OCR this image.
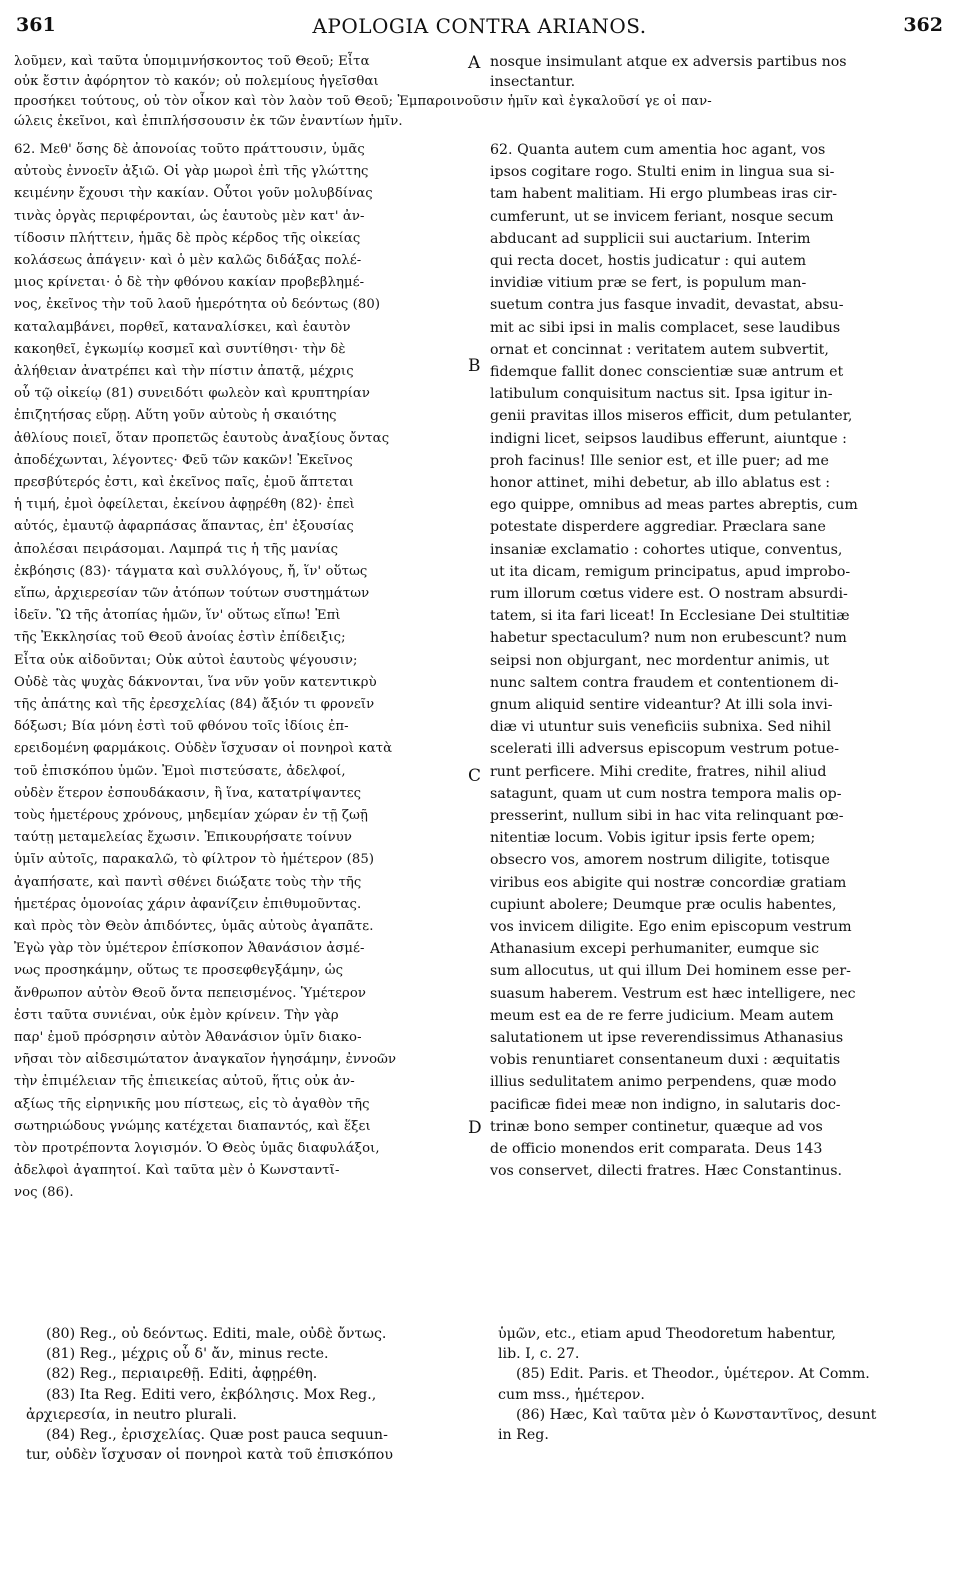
361	APOLOGIA CONTRA ARIANOS.	362
λοῦμεν, καὶ ταῦτα ὑπομιμνήσκοντος τοῦ Θεοῦ; Εἶτα
οὐκ ἔστιν ἀφόρητον τὸ κακόν; οὐ πολεμίους ἡγεῖσθαι
προσήκει τούτους, οὐ τὸν οἶκον καὶ τὸν λαὸν τοῦ Θεοῦ; Ἐμπαροινοῦσιν ἡμῖν καὶ ἐγκαλοῦσί γε οἱ παν-
ώλεις ἐκεῖνοι, καὶ ἐπιπλήσσουσιν ἐκ τῶν ἐναντίων ἡμῖν.
A nosque insimulant atque ex adversis partibus nos
insectantur.
62. Μεθ' ὅσης δὲ ἀπονοίας τοῦτο πράττουσιν, ὑμᾶς
αὐτοὺς ἐννοεῖν ἀξιῶ. Οἱ γὰρ μωροὶ ἐπὶ τῆς γλώττης
κειμένην ἔχουσι τὴν κακίαν. Οὗτοι γοῦν μολυβδίνας
τινὰς ὀργὰς περιφέρονται, ὡς ἑαυτοὺς μὲν κατ' ἀν-
τίδοσιν πλήττειν, ἡμᾶς δὲ πρὸς κέρδος τῆς οἰκείας
κολάσεως ἀπάγειν· καὶ ὁ μὲν καλῶς διδάξας πολέ-
μιος κρίνεται· ὁ δὲ τὴν φθόνου κακίαν προβεβλημέ-
νος, ἐκεῖνος τὴν τοῦ λαοῦ ἡμερότητα οὐ δεόντως (80)
καταλαμβάνει, πορθεῖ, καταναλίσκει, καὶ ἑαυτὸν
κακοηθεῖ, ἐγκωμίῳ κοσμεῖ καὶ συντίθησι· τὴν δὲ
ἀλήθειαν ἀνατρέπει καὶ τὴν πίστιν ἀπατᾷ, μέχρις
οὗ τῷ οἰκείῳ (81) συνειδότι φωλεὸν καὶ κρυπτηρίαν
ἐπιζητήσας εὕρῃ. Αὕτη γοῦν αὐτοὺς ἡ σκαιότης
ἀθλίους ποιεῖ, ὅταν προπετῶς ἑαυτοὺς ἀναξίους ὄντας
ἀποδέχωνται, λέγοντες· Φεῦ τῶν κακῶν! Ἐκεῖνος
πρεσβύτερός ἐστι, καὶ ἐκεῖνος παῖς, ἐμοῦ ἅπτεται
ἡ τιμή, ἐμοὶ ὀφείλεται, ἐκείνου ἀφῃρέθη (82)· ἐπεὶ
αὐτός, ἐμαυτῷ ἀφαρπάσας ἅπαντας, ἐπ' ἐξουσίας
ἀπολέσαι πειράσομαι. Λαμπρά τις ἡ τῆς μανίας
ἐκβόησις (83)· τάγματα καὶ συλλόγους, ἤ, ἵν' οὕτως
εἴπω, ἀρχιερεσίαν τῶν ἀτόπων τούτων συστημάτων
ἰδεῖν. Ὢ τῆς ἀτοπίας ἡμῶν, ἵν' οὕτως εἴπω! Ἐπὶ
τῆς Ἐκκλησίας τοῦ Θεοῦ ἀνοίας ἐστὶν ἐπίδειξις;
Εἶτα οὐκ αἰδοῦνται; Οὐκ αὐτοὶ ἑαυτοὺς ψέγουσιν;
Οὐδὲ τὰς ψυχὰς δάκνονται, ἵνα νῦν γοῦν κατεντικρὺ
τῆς ἀπάτης καὶ τῆς ἐρεσχελίας (84) ἄξιόν τι φρονεῖν
δόξωσι; Βία μόνη ἐστὶ τοῦ φθόνου τοῖς ἰδίοις ἐπ-
ερειδομένη φαρμάκοις. Οὐδὲν ἴσχυσαν οἱ πονηροὶ κατὰ
τοῦ ἐπισκόπου ὑμῶν. Ἐμοὶ πιστεύσατε, ἀδελφοί,
οὐδὲν ἕτερον ἐσπουδάκασιν, ἢ ἵνα, κατατρίψαντες
τοὺς ἡμετέρους χρόνους, μηδεμίαν χώραν ἐν τῇ ζωῇ
ταύτῃ μεταμελείας ἔχωσιν. Ἐπικουρήσατε τοίνυν
ὑμῖν αὐτοῖς, παρακαλῶ, τὸ φίλτρον τὸ ἡμέτερον (85)
ἀγαπήσατε, καὶ παντὶ σθένει διώξατε τοὺς τὴν τῆς
ἡμετέρας ὁμονοίας χάριν ἀφανίζειν ἐπιθυμοῦντας.
καὶ πρὸς τὸν Θεὸν ἀπιδόντες, ὑμᾶς αὐτοὺς ἀγαπᾶτε.
Ἐγὼ γὰρ τὸν ὑμέτερον ἐπίσκοπον Ἀθανάσιον ἀσμέ-
νως προσηκάμην, οὕτως τε προσεφθεγξάμην, ὡς
ἄνθρωπον αὐτὸν Θεοῦ ὄντα πεπεισμένος. Ὑμέτερον
ἐστι ταῦτα συνιέναι, οὐκ ἐμὸν κρίνειν. Τὴν γὰρ
παρ' ἐμοῦ πρόσρησιν αὐτὸν Ἀθανάσιον ὑμῖν διακο-
νῆσαι τὸν αἰδεσιμώτατον ἀναγκαῖον ἡγησάμην, ἐννοῶν
τὴν ἐπιμέλειαν τῆς ἐπιεικείας αὐτοῦ, ἥτις οὐκ ἀν-
αξίως τῆς εἰρηνικῆς μου πίστεως, εἰς τὸ ἀγαθὸν τῆς
σωτηριώδους γνώμης κατέχεται διαπαντός, καὶ ἕξει
τὸν προτρέποντα λογισμόν. Ὁ Θεὸς ὑμᾶς διαφυλάξοι,
ἀδελφοὶ ἀγαπητοί. Καὶ ταῦτα μὲν ὁ Κωνσταντῖ-
νος (86).
62. Quanta autem cum amentia hoc agant, vos
ipsos cogitare rogo. Stulti enim in lingua sua si-
tam habent malitiam. Hi ergo plumbeas iras cir-
cumferunt, ut se invicem feriant, nosque secum
abducant ad supplicii sui auctarium. Interim
qui recta docet, hostis judicatur : qui autem
invidiæ vitium præ se fert, is populum man-
suetum contra jus fasque invadit, devastat, absu-
mit ac sibi ipsi in malis complacet, sese laudibus
ornat et concinnat : veritatem autem subvertit,
fidemque fallit donec conscientiæ suæ antrum et
latibulum conquisitum nactus sit. Ipsa igitur in-
genii pravitas illos miseros efficit, dum petulanter,
indigni licet, seipsos laudibus efferunt, aiuntque :
proh facinus! Ille senior est, et ille puer; ad me
honor attinet, mihi debetur, ab illo ablatus est :
ego quippe, omnibus ad meas partes abreptis, cum
potestate disperdere aggrediar. Præclara sane
insaniæ exclamatio : cohortes utique, conventus,
ut ita dicam, remigum principatus, apud improbo-
rum illorum cœtus videre est. O nostram absurdi-
tatem, si ita fari liceat! In Ecclesiane Dei stultitiæ
habetur spectaculum? num non erubescunt? num
seipsi non objurgant, nec mordentur animis, ut
nunc saltem contra fraudem et contentionem di-
gnum aliquid sentire videantur? At illi sola invi-
diæ vi utuntur suis veneficiis subnixa. Sed nihil
scelerati illi adversus episcopum vestrum potue-
runt perficere. Mihi credite, fratres, nihil aliud
satagunt, quam ut cum nostra tempora malis op-
presserint, nullum sibi in hac vita relinquant pœ-
nitentiæ locum. Vobis igitur ipsis ferte opem;
obsecro vos, amorem nostrum diligite, totisque
viribus eos abigite qui nostræ concordiæ gratiam
cupiunt abolere; Deumque præ oculis habentes,
vos invicem diligite. Ego enim episcopum vestrum
Athanasium excepi perhumaniter, eumque sic
sum allocutus, ut qui illum Dei hominem esse per-
suasum haberem. Vestrum est hæc intelligere, nec
meum est ea de re ferre judicium. Meam autem
salutationem ut ipse reverendissimus Athanasius
vobis renuntiaret consentaneum duxi : æquitatis
illius sedulitatem animo perpendens, quæ modo
pacificæ fidei meæ non indigno, in salutaris doc-
trinæ bono semper continetur, quæque ad vos
de officio monendos erit comparata. Deus 143
vos conservet, dilecti fratres. Hæc Constantinus.
B
C
D
(80) Reg., οὐ δεόντως. Editi, male, οὐδὲ ὄντως.
(81) Reg., μέχρις οὗ δ' ἄν, minus recte.
(82) Reg., περιαιρεθῇ. Editi, ἀφῃρέθη.
(83) Ita Reg. Editi vero, ἐκβόλησις. Mox Reg.,
ἀρχιερεσία, in neutro plurali.
(84) Reg., ἐρισχελίας. Quæ post pauca sequun-
tur, οὐδὲν ἴσχυσαν οἱ πονηροὶ κατὰ τοῦ ἐπισκόπου
ὑμῶν, etc., etiam apud Theodoretum habentur,
lib. I, c. 27.
(85) Edit. Paris. et Theodor., ὑμέτερον. At Comm.
cum mss., ἡμέτερον.
(86) Hæc, Καὶ ταῦτα μὲν ὁ Κωνσταντῖνος, desunt
in Reg.
